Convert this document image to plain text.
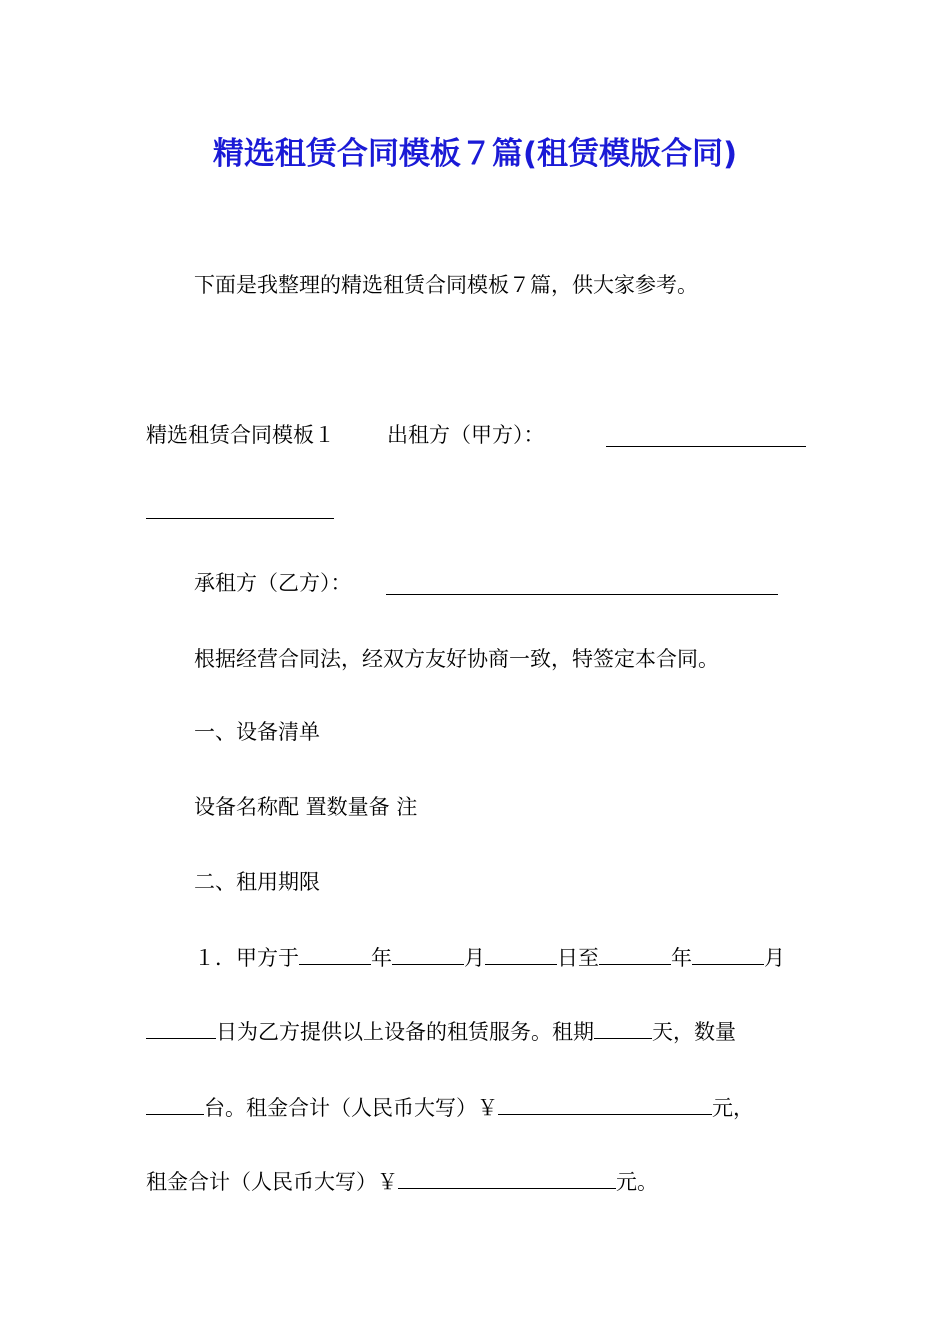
精选租赁合同模板７篇(租赁模版合同)
下面是我整理的精选租赁合同模板７篇，供大家参考。
精选租赁合同模板１ 出租方（甲方）：
承租方（乙方）：
根据经营合同法，经双方友好协商一致，特签定本合同。
一、设备清单
设备名称配 置数量备 注
二、租用期限
１．甲方于	年	月	日至	年	月
日为乙方提供以上设备的租赁服务。租期	天，数量
台。租金合计（人民币大写）￥	元，
租金合计（人民币大写）￥	元。
